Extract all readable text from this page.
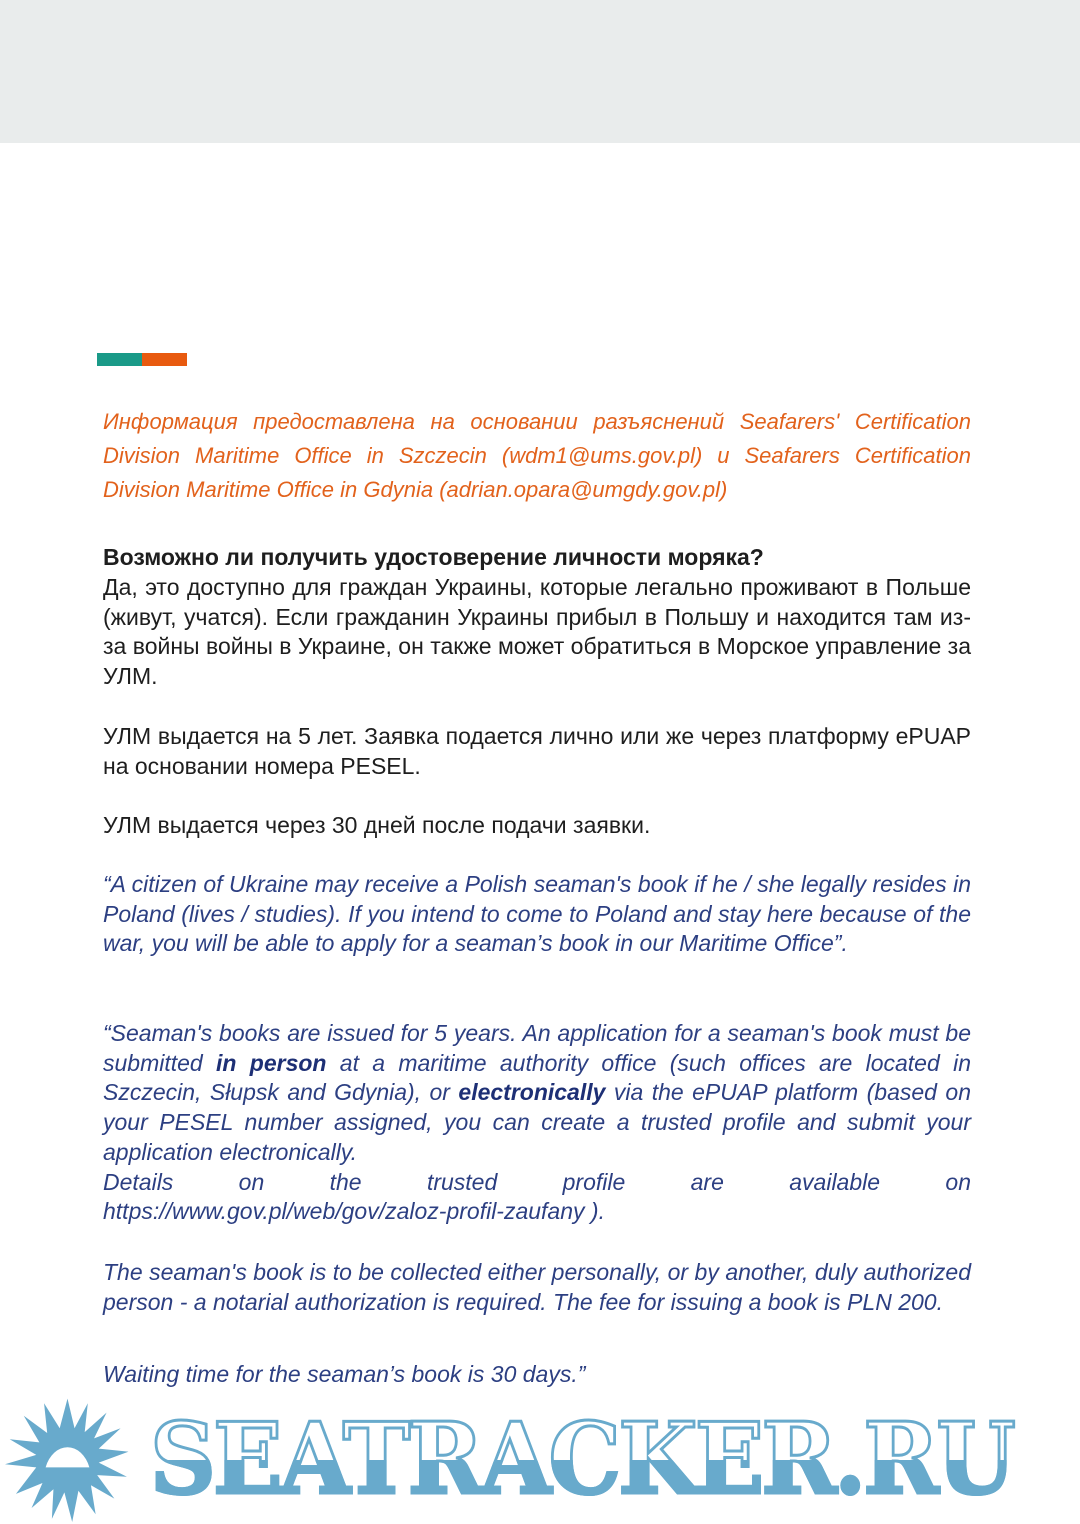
Информация предоставлена на основании разъяснений Seafarers' Certification Division Maritime Office in Szczecin (wdm1@ums.gov.pl) и Seafarers Certification Division Maritime Office in Gdynia (adrian.opara@umgdy.gov.pl)
Возможно ли получить удостоверение личности моряка?
Да, это доступно для граждан Украины, которые легально проживают в Польше (живут, учатся). Если гражданин Украины прибыл в Польшу и находится там из-за войны войны в Украине, он также может обратиться в Морское управление за УЛМ.
УЛМ выдается на 5 лет. Заявка подается лично или же через платформу ePUAP на основании номера PESEL.
УЛМ выдается через 30 дней после подачи заявки.
“A citizen of Ukraine may receive a Polish seaman's book if he / she legally resides in Poland (lives / studies). If you intend to come to Poland and stay here because of the war, you will be able to apply for a seaman’s book in our Maritime Office”.
“Seaman's books are issued for 5 years. An application for a seaman's book must be submitted in person at a maritime authority office (such offices are located in Szczecin, Słupsk and Gdynia), or electronically via the ePUAP platform (based on your PESEL number assigned, you can create a trusted profile and submit your application electronically.
Details on the trusted profile are available on
https://www.gov.pl/web/gov/zaloz-profil-zaufany ).
The seaman's book is to be collected either personally, or by another, duly authorized person - a notarial authorization is required. The fee for issuing a book is PLN 200.
Waiting time for the seaman’s book is 30 days.”
SEATRACKER.RU
